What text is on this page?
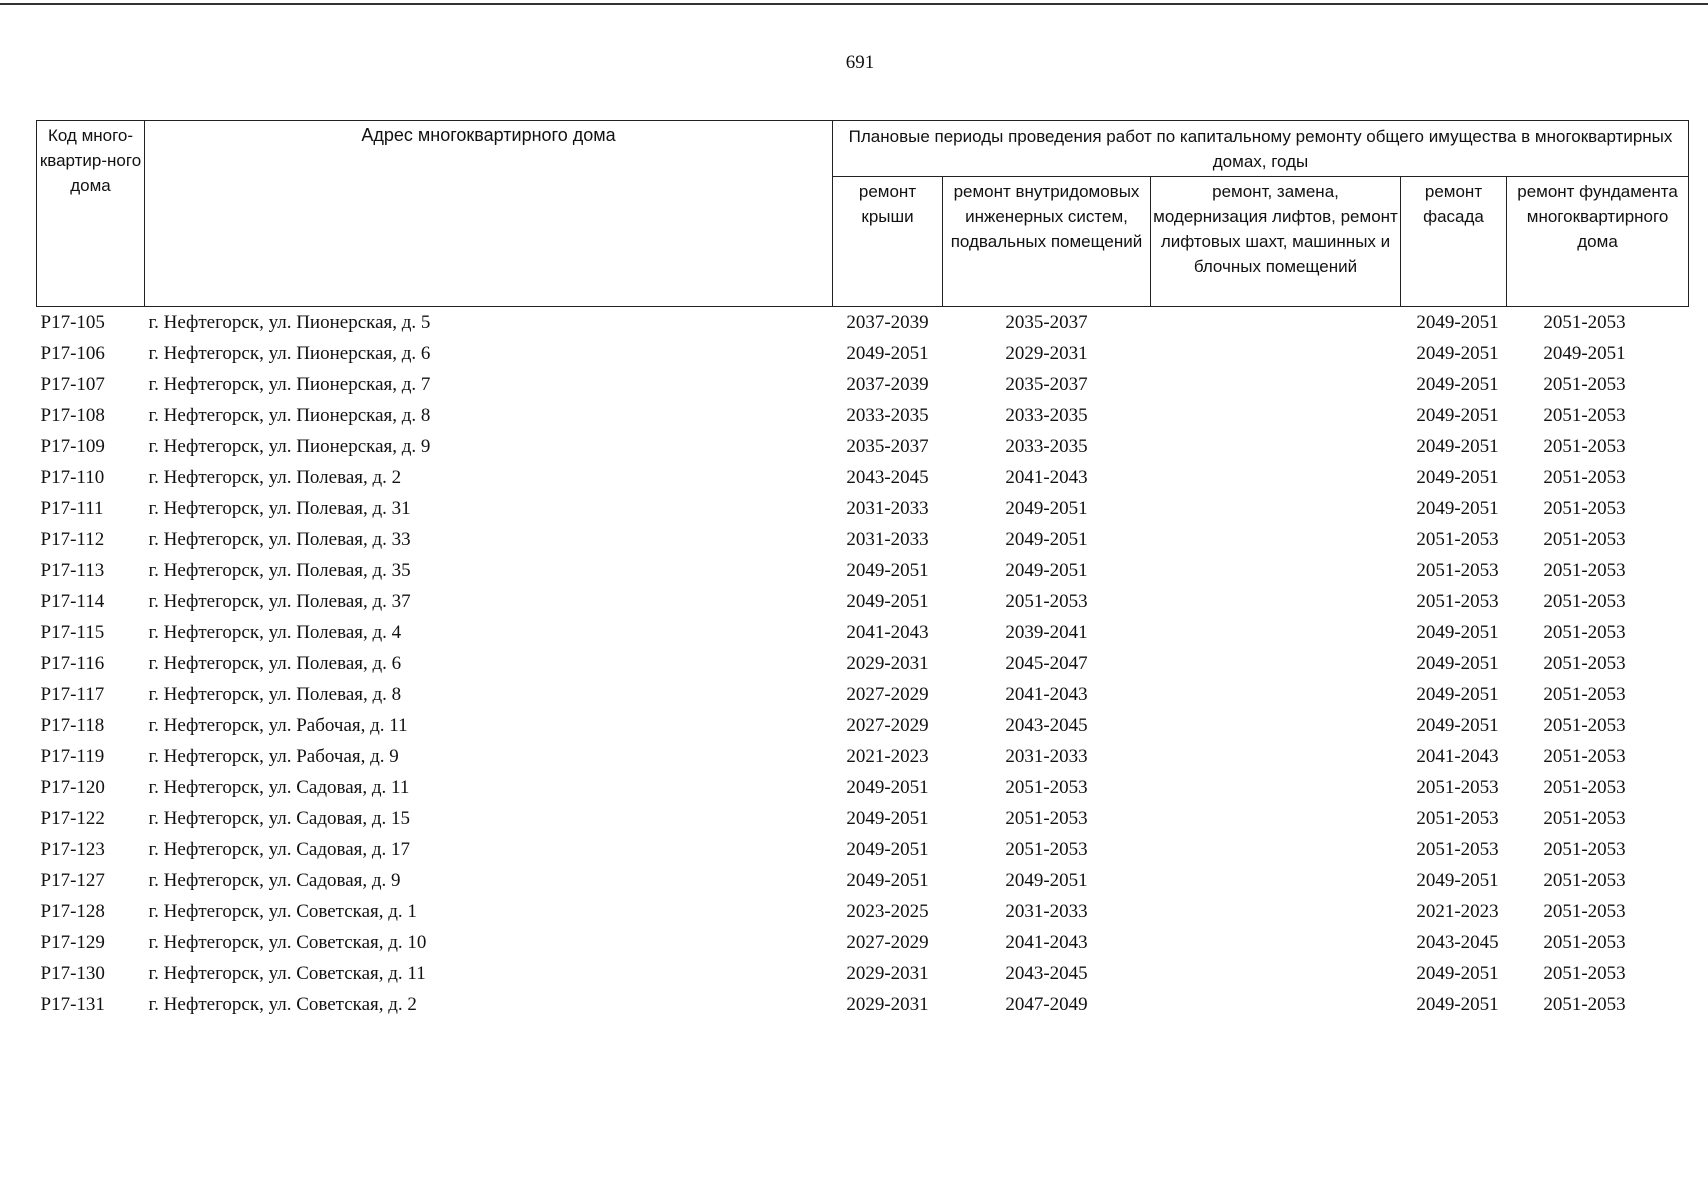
691
Код много-квартир-ного дома	Адрес многоквартирного дома	Плановые периоды проведения работ по капитальному ремонту общего имущества в многоквартирных домах, годы				
		ремонт крыши	ремонт внутридомовых инженерных систем, подвальных помещений	ремонт, замена, модернизация лифтов, ремонт лифтовых шахт, машинных и блочных помещений	ремонт фасада	ремонт фундамента многоквартирного дома
P17-105	г. Нефтегорск, ул. Пионерская, д. 5	2037-2039	2035-2037		2049-2051	2051-2053
P17-106	г. Нефтегорск, ул. Пионерская, д. 6	2049-2051	2029-2031		2049-2051	2049-2051
P17-107	г. Нефтегорск, ул. Пионерская, д. 7	2037-2039	2035-2037		2049-2051	2051-2053
P17-108	г. Нефтегорск, ул. Пионерская, д. 8	2033-2035	2033-2035		2049-2051	2051-2053
P17-109	г. Нефтегорск, ул. Пионерская, д. 9	2035-2037	2033-2035		2049-2051	2051-2053
P17-110	г. Нефтегорск, ул. Полевая, д. 2	2043-2045	2041-2043		2049-2051	2051-2053
P17-111	г. Нефтегорск, ул. Полевая, д. 31	2031-2033	2049-2051		2049-2051	2051-2053
P17-112	г. Нефтегорск, ул. Полевая, д. 33	2031-2033	2049-2051		2051-2053	2051-2053
P17-113	г. Нефтегорск, ул. Полевая, д. 35	2049-2051	2049-2051		2051-2053	2051-2053
P17-114	г. Нефтегорск, ул. Полевая, д. 37	2049-2051	2051-2053		2051-2053	2051-2053
P17-115	г. Нефтегорск, ул. Полевая, д. 4	2041-2043	2039-2041		2049-2051	2051-2053
P17-116	г. Нефтегорск, ул. Полевая, д. 6	2029-2031	2045-2047		2049-2051	2051-2053
P17-117	г. Нефтегорск, ул. Полевая, д. 8	2027-2029	2041-2043		2049-2051	2051-2053
P17-118	г. Нефтегорск, ул. Рабочая, д. 11	2027-2029	2043-2045		2049-2051	2051-2053
P17-119	г. Нефтегорск, ул. Рабочая, д. 9	2021-2023	2031-2033		2041-2043	2051-2053
P17-120	г. Нефтегорск, ул. Садовая, д. 11	2049-2051	2051-2053		2051-2053	2051-2053
P17-122	г. Нефтегорск, ул. Садовая, д. 15	2049-2051	2051-2053		2051-2053	2051-2053
P17-123	г. Нефтегорск, ул. Садовая, д. 17	2049-2051	2051-2053		2051-2053	2051-2053
P17-127	г. Нефтегорск, ул. Садовая, д. 9	2049-2051	2049-2051		2049-2051	2051-2053
P17-128	г. Нефтегорск, ул. Советская, д. 1	2023-2025	2031-2033		2021-2023	2051-2053
P17-129	г. Нефтегорск, ул. Советская, д. 10	2027-2029	2041-2043		2043-2045	2051-2053
P17-130	г. Нефтегорск, ул. Советская, д. 11	2029-2031	2043-2045		2049-2051	2051-2053
P17-131	г. Нефтегорск, ул. Советская, д. 2	2029-2031	2047-2049		2049-2051	2051-2053
